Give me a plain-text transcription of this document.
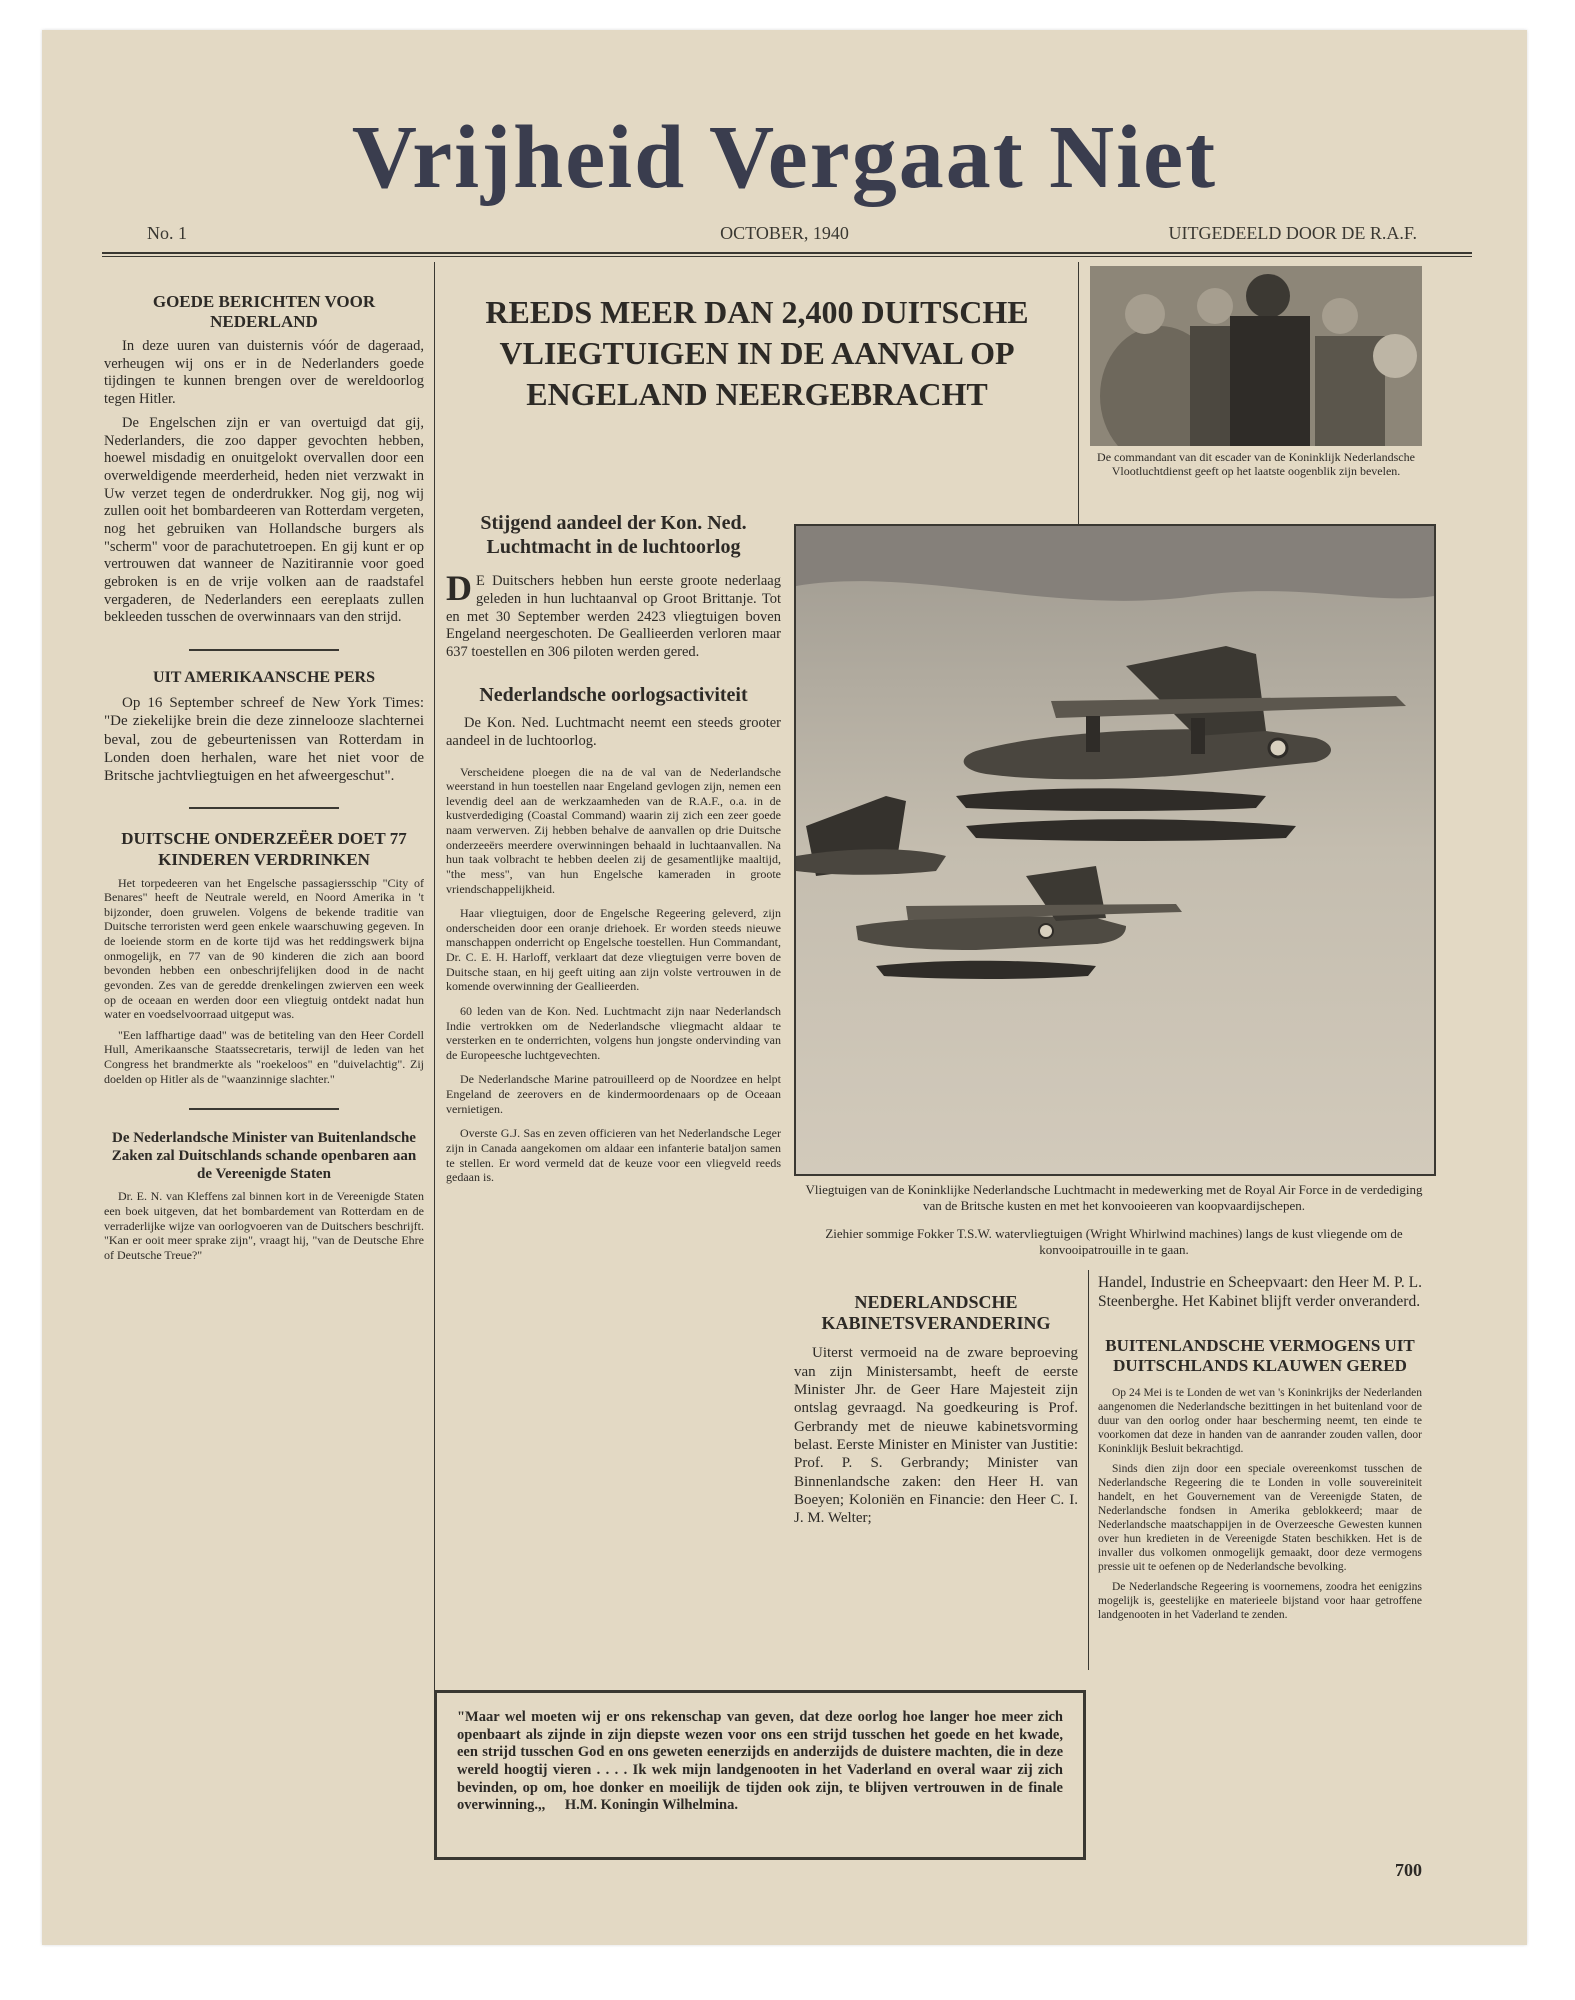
Vrijheid Vergaat Niet
No. 1	OCTOBER, 1940	UITGEDEELD DOOR DE R.A.F.
GOEDE BERICHTEN VOOR NEDERLAND

In deze uuren van duisternis vóór de dageraad, verheugen wij ons er in de Nederlanders goede tijdingen te kunnen brengen over de wereldoorlog tegen Hitler.

De Engelschen zijn er van overtuigd dat gij, Nederlanders, die zoo dapper gevochten hebben, hoewel misdadig en onuitgelokt overvallen door een overweldigende meerderheid, heden niet verzwakt in Uw verzet tegen de onderdrukker. Nog gij, nog wij zullen ooit het bombardeeren van Rotterdam vergeten, nog het gebruiken van Hollandsche burgers als "scherm" voor de parachutetroepen. En gij kunt er op vertrouwen dat wanneer de Nazitirannie voor goed gebroken is en de vrije volken aan de raadstafel vergaderen, de Nederlanders een eereplaats zullen bekleeden tusschen de overwinnaars van den strijd.

UIT AMERIKAANSCHE PERS

Op 16 September schreef de New York Times: "De ziekelijke brein die deze zinnelooze slachternei beval, zou de gebeurtenissen van Rotterdam in Londen doen herhalen, ware het niet voor de Britsche jachtvliegtuigen en het afweergeschut".

DUITSCHE ONDERZEËER DOET 77 KINDEREN VERDRINKEN

Het torpedeeren van het Engelsche passagiersschip "City of Benares" heeft de Neutrale wereld, en Noord Amerika in 't bijzonder, doen gruwelen. Volgens de bekende traditie van Duitsche terroristen werd geen enkele waarschuwing gegeven. In de loeiende storm en de korte tijd was het reddingswerk bijna onmogelijk, en 77 van de 90 kinderen die zich aan boord bevonden hebben een onbeschrijfelijken dood in de nacht gevonden. Zes van de geredde drenkelingen zwierven een week op de oceaan en werden door een vliegtuig ontdekt nadat hun water en voedselvoorraad uitgeput was.

"Een laffhartige daad" was de betiteling van den Heer Cordell Hull, Amerikaansche Staatssecretaris, terwijl de leden van het Congress het brandmerkte als "roekeloos" en "duivelachtig". Zij doelden op Hitler als de "waanzinnige slachter."

De Nederlandsche Minister van Buitenlandsche Zaken zal Duitschlands schande openbaren aan de Vereenigde Staten

Dr. E. N. van Kleffens zal binnen kort in de Vereenigde Staten een boek uitgeven, dat het bombardement van Rotterdam en de verraderlijke wijze van oorlogvoeren van de Duitschers beschrijft. "Kan er ooit meer sprake zijn", vraagt hij, "van de Deutsche Ehre of Deutsche Treue?"

REEDS MEER DAN 2,400 DUITSCHE VLIEGTUIGEN IN DE AANVAL OP ENGELAND NEERGEBRACHT

De commandant van dit escader van de Koninklijk Nederlandsche Vlootluchtdienst geeft op het laatste oogenblik zijn bevelen.

Stijgend aandeel der Kon. Ned. Luchtmacht in de luchtoorlog

D E Duitschers hebben hun eerste groote nederlaag geleden in hun luchtaanval op Groot Brittanje. Tot en met 30 September werden 2423 vliegtuigen boven Engeland neergeschoten. De Geallieerden verloren maar 637 toestellen en 306 piloten werden gered.

Nederlandsche oorlogsactiviteit

De Kon. Ned. Luchtmacht neemt een steeds grooter aandeel in de luchtoorlog.

Verscheidene ploegen die na de val van de Nederlandsche weerstand in hun toestellen naar Engeland gevlogen zijn, nemen een levendig deel aan de werkzaamheden van de R.A.F., o.a. in de kustverdediging (Coastal Command) waarin zij zich een zeer goede naam verwerven. Zij hebben behalve de aanvallen op drie Duitsche onderzeeërs meerdere overwinningen behaald in luchtaanvallen. Na hun taak volbracht te hebben deelen zij de gesamentlijke maaltijd, "the mess", van hun Engelsche kameraden in groote vriendschappelijkheid.

Haar vliegtuigen, door de Engelsche Regeering geleverd, zijn onderscheiden door een oranje driehoek. Er worden steeds nieuwe manschappen onderricht op Engelsche toestellen. Hun Commandant, Dr. C. E. H. Harloff, verklaart dat deze vliegtuigen verre boven de Duitsche staan, en hij geeft uiting aan zijn volste vertrouwen in de komende overwinning der Geallieerden.

60 leden van de Kon. Ned. Luchtmacht zijn naar Nederlandsch Indie vertrokken om de Nederlandsche vliegmacht aldaar te versterken en te onderrichten, volgens hun jongste ondervinding van de Europeesche luchtgevechten.

De Nederlandsche Marine patrouilleerd op de Noordzee en helpt Engeland de zeerovers en de kindermoordenaars op de Oceaan vernietigen.

Overste G.J. Sas en zeven officieren van het Nederlandsche Leger zijn in Canada aangekomen om aldaar een infanterie bataljon samen te stellen. Er word vermeld dat de keuze voor een vliegveld reeds gedaan is.

Vliegtuigen van de Koninklijke Nederlandsche Luchtmacht in medewerking met de Royal Air Force in de verdediging van de Britsche kusten en met het konvooieeren van koopvaardijschepen.

Ziehier sommige Fokker T.S.W. watervliegtuigen (Wright Whirlwind machines) langs de kust vliegende om de konvooipatrouille in te gaan.

NEDERLANDSCHE KABINETSVERANDERING

Uiterst vermoeid na de zware beproeving van zijn Ministersambt, heeft de eerste Minister Jhr. de Geer Hare Majesteit zijn ontslag gevraagd. Na goedkeuring is Prof. Gerbrandy met de nieuwe kabinetsvorming belast. Eerste Minister en Minister van Justitie: Prof. P. S. Gerbrandy; Minister van Binnenlandsche zaken: den Heer H. van Boeyen; Koloniën en Financie: den Heer C. I. J. M. Welter;

Handel, Industrie en Scheepvaart: den Heer M. P. L. Steenberghe. Het Kabinet blijft verder onveranderd.

BUITENLANDSCHE VERMOGENS UIT DUITSCHLANDS KLAUWEN GERED

Op 24 Mei is te Londen de wet van 's Koninkrijks der Nederlanden aangenomen die Nederlandsche bezittingen in het buitenland voor de duur van den oorlog onder haar bescherming neemt, ten einde te voorkomen dat deze in handen van de aanrander zouden vallen, door Koninklijk Besluit bekrachtigd.

Sinds dien zijn door een speciale overeenkomst tusschen de Nederlandsche Regeering die te Londen in volle souvereiniteit handelt, en het Gouvernement van de Vereenigde Staten, de Nederlandsche fondsen in Amerika geblokkeerd; maar de Nederlandsche maatschappijen in de Overzeesche Gewesten kunnen over hun kredieten in de Vereenigde Staten beschikken. Het is de invaller dus volkomen onmogelijk gemaakt, door deze vermogens pressie uit te oefenen op de Nederlandsche bevolking.

De Nederlandsche Regeering is voornemens, zoodra het eenigzins mogelijk is, geestelijke en materieele bijstand voor haar getroffene landgenooten in het Vaderland te zenden.

"Maar wel moeten wij er ons rekenschap van geven, dat deze oorlog hoe langer hoe meer zich openbaart als zijnde in zijn diepste wezen voor ons een strijd tusschen het goede en het kwade, een strijd tusschen God en ons geweten eenerzijds en anderzijds de duistere machten, die in deze wereld hoogtij vieren . . . . Ik wek mijn landgenooten in het Vaderland en overal waar zij zich bevinden, op om, hoe donker en moeilijk de tijden ook zijn, te blijven vertrouwen in de finale overwinning.,, H.M. Koningin Wilhelmina.

700
